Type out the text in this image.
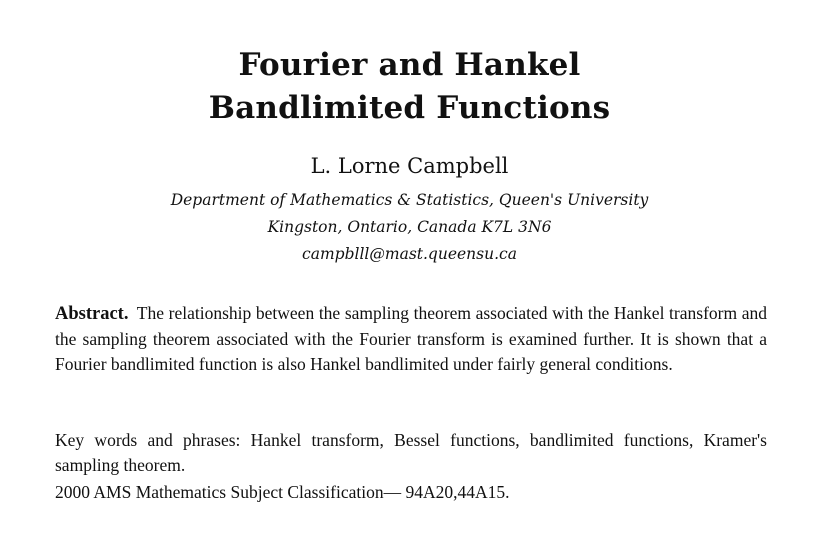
Fourier and Hankel
Bandlimited Functions
L. Lorne Campbell
Department of Mathematics & Statistics, Queen's University
Kingston, Ontario, Canada K7L 3N6
campblll@mast.queensu.ca
Abstract. The relationship between the sampling theorem associated with the Hankel transform and the sampling theorem associated with the Fourier transform is examined further. It is shown that a Fourier bandlimited function is also Hankel bandlimited under fairly general conditions.
Key words and phrases: Hankel transform, Bessel functions, bandlimited functions, Kramer's sampling theorem.
2000 AMS Mathematics Subject Classification— 94A20,44A15.
